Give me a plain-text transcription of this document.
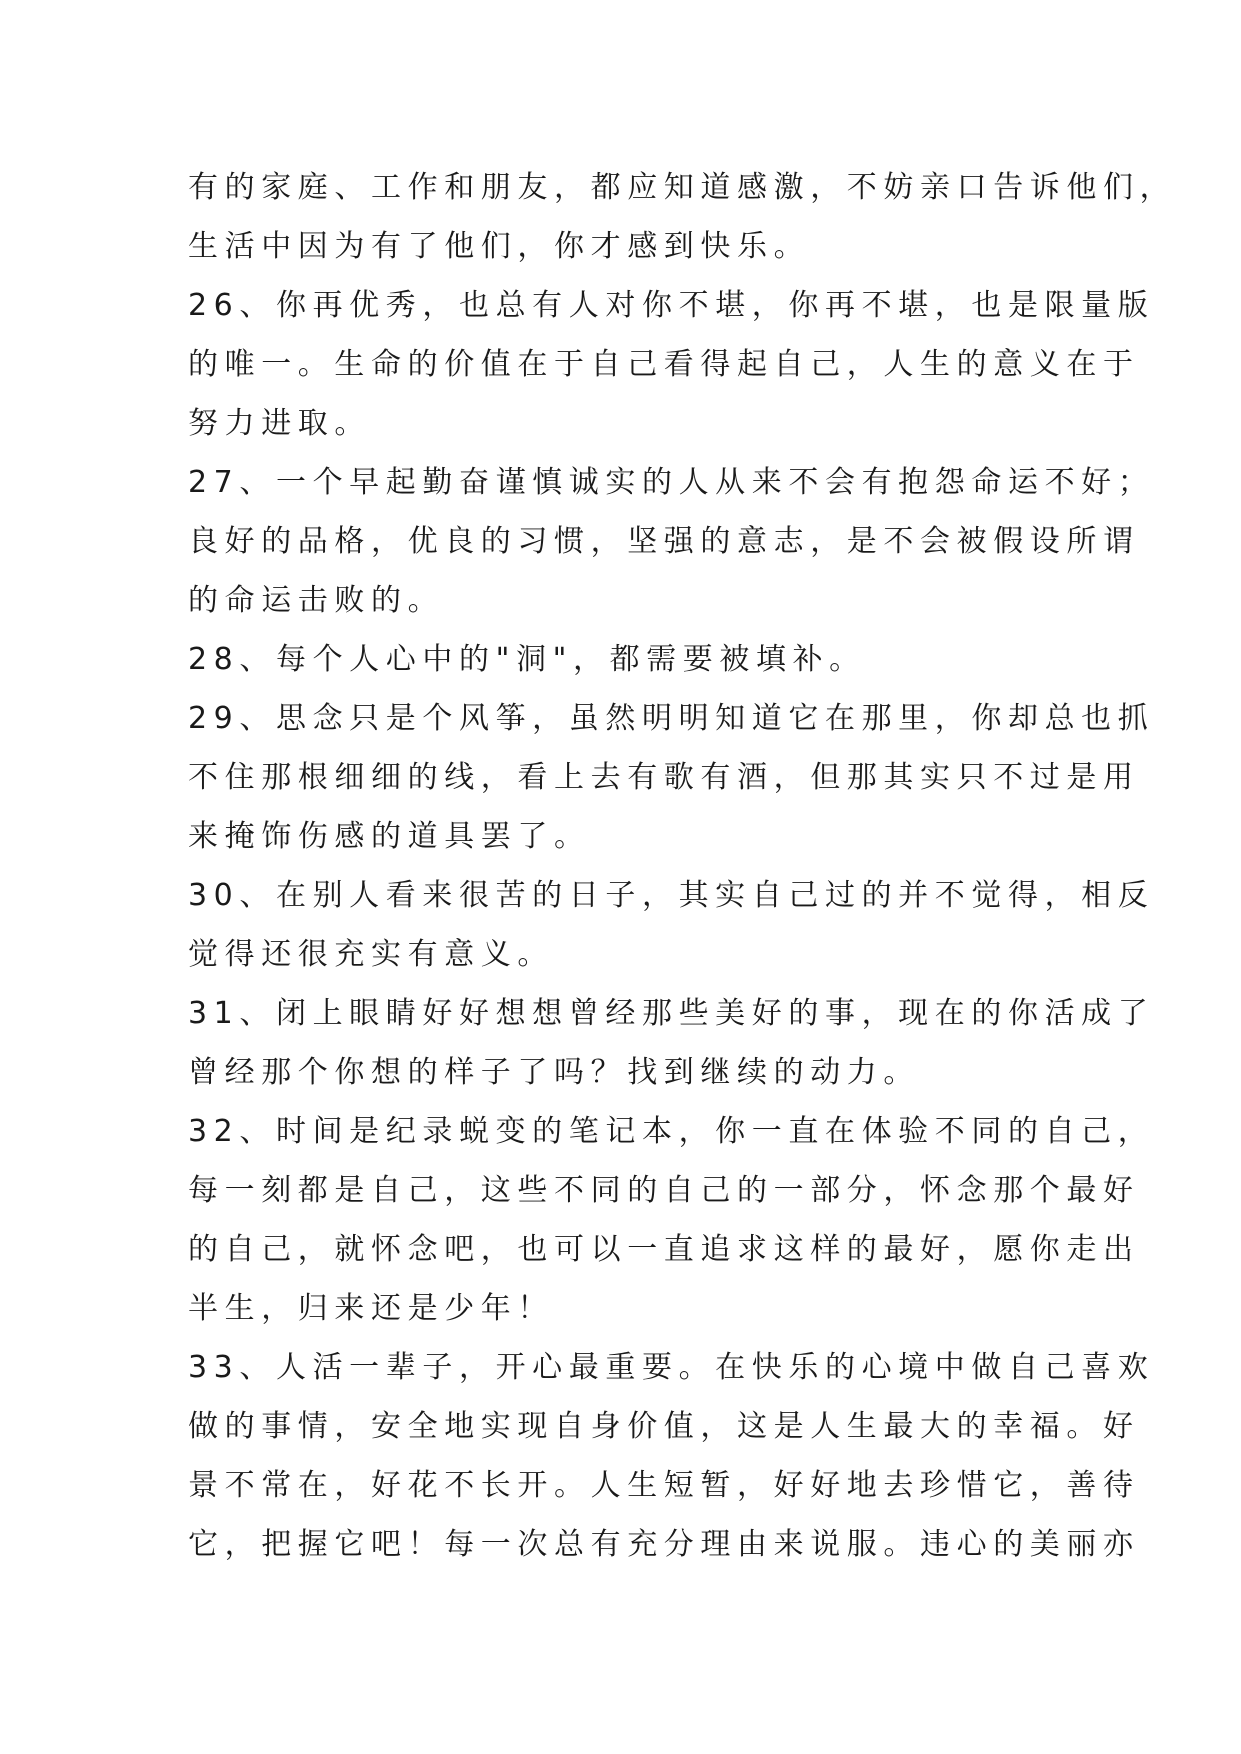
有的家庭、工作和朋友，都应知道感激，不妨亲口告诉他们，
生活中因为有了他们，你才感到快乐。
26、你再优秀，也总有人对你不堪，你再不堪，也是限量版
的唯一。生命的价值在于自己看得起自己，人生的意义在于
努力进取。
27、一个早起勤奋谨慎诚实的人从来不会有抱怨命运不好；
良好的品格，优良的习惯，坚强的意志，是不会被假设所谓
的命运击败的。
28、每个人心中的"洞"，都需要被填补。
29、思念只是个风筝，虽然明明知道它在那里，你却总也抓
不住那根细细的线，看上去有歌有酒，但那其实只不过是用
来掩饰伤感的道具罢了。
30、在别人看来很苦的日子，其实自己过的并不觉得，相反
觉得还很充实有意义。
31、闭上眼睛好好想想曾经那些美好的事，现在的你活成了
曾经那个你想的样子了吗？找到继续的动力。
32、时间是纪录蜕变的笔记本，你一直在体验不同的自己，
每一刻都是自己，这些不同的自己的一部分，怀念那个最好
的自己，就怀念吧，也可以一直追求这样的最好，愿你走出
半生，归来还是少年！
33、人活一辈子，开心最重要。在快乐的心境中做自己喜欢
做的事情，安全地实现自身价值，这是人生最大的幸福。好
景不常在，好花不长开。人生短暂，好好地去珍惜它，善待
它，把握它吧！每一次总有充分理由来说服。违心的美丽亦
